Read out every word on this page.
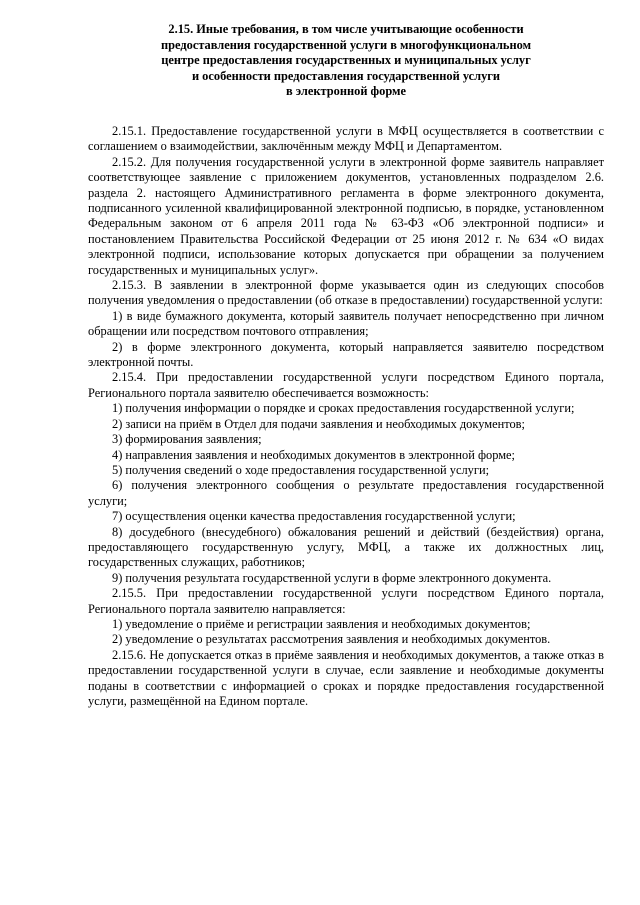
2.15. Иные требования, в том числе учитывающие особенности
предоставления государственной услуги в многофункциональном
центре предоставления государственных и муниципальных услуг
и особенности предоставления государственной услуги
в электронной форме

2.15.1. Предоставление государственной услуги в МФЦ осуществляется в соответствии с соглашением о взаимодействии, заключённым между МФЦ и Департаментом.

2.15.2. Для получения государственной услуги в электронной форме заявитель направляет соответствующее заявление с приложением документов, установленных подразделом 2.6. раздела 2. настоящего Административного регламента в форме электронного документа, подписанного усиленной квалифицированной электронной подписью, в порядке, установленном Федеральным законом от 6 апреля 2011 года № 63-ФЗ «Об электронной подписи» и постановлением Правительства Российской Федерации от 25 июня 2012 г. № 634 «О видах электронной подписи, использование которых допускается при обращении за получением государственных и муниципальных услуг».

2.15.3. В заявлении в электронной форме указывается один из следующих способов получения уведомления о предоставлении (об отказе в предоставлении) государственной услуги:

1) в виде бумажного документа, который заявитель получает непосредственно при личном обращении или посредством почтового отправления;

2) в форме электронного документа, который направляется заявителю посредством электронной почты.

2.15.4. При предоставлении государственной услуги посредством Единого портала, Регионального портала заявителю обеспечивается возможность:

1) получения информации о порядке и сроках предоставления государственной услуги;

2) записи на приём в Отдел для подачи заявления и необходимых документов;

3) формирования заявления;

4) направления заявления и необходимых документов в электронной форме;

5) получения сведений о ходе предоставления государственной услуги;

6) получения электронного сообщения о результате предоставления государственной услуги;

7) осуществления оценки качества предоставления государственной услуги;

8) досудебного (внесудебного) обжалования решений и действий (бездействия) органа, предоставляющего государственную услугу, МФЦ, а также их должностных лиц, государственных служащих, работников;

9) получения результата государственной услуги в форме электронного документа.

2.15.5. При предоставлении государственной услуги посредством Единого портала, Регионального портала заявителю направляется:

1) уведомление о приёме и регистрации заявления и необходимых документов;

2) уведомление о результатах рассмотрения заявления и необходимых документов.

2.15.6. Не допускается отказ в приёме заявления и необходимых документов, а также отказ в предоставлении государственной услуги в случае, если заявление и необходимые документы поданы в соответствии с информацией о сроках и порядке предоставления государственной услуги, размещённой на Едином портале.
